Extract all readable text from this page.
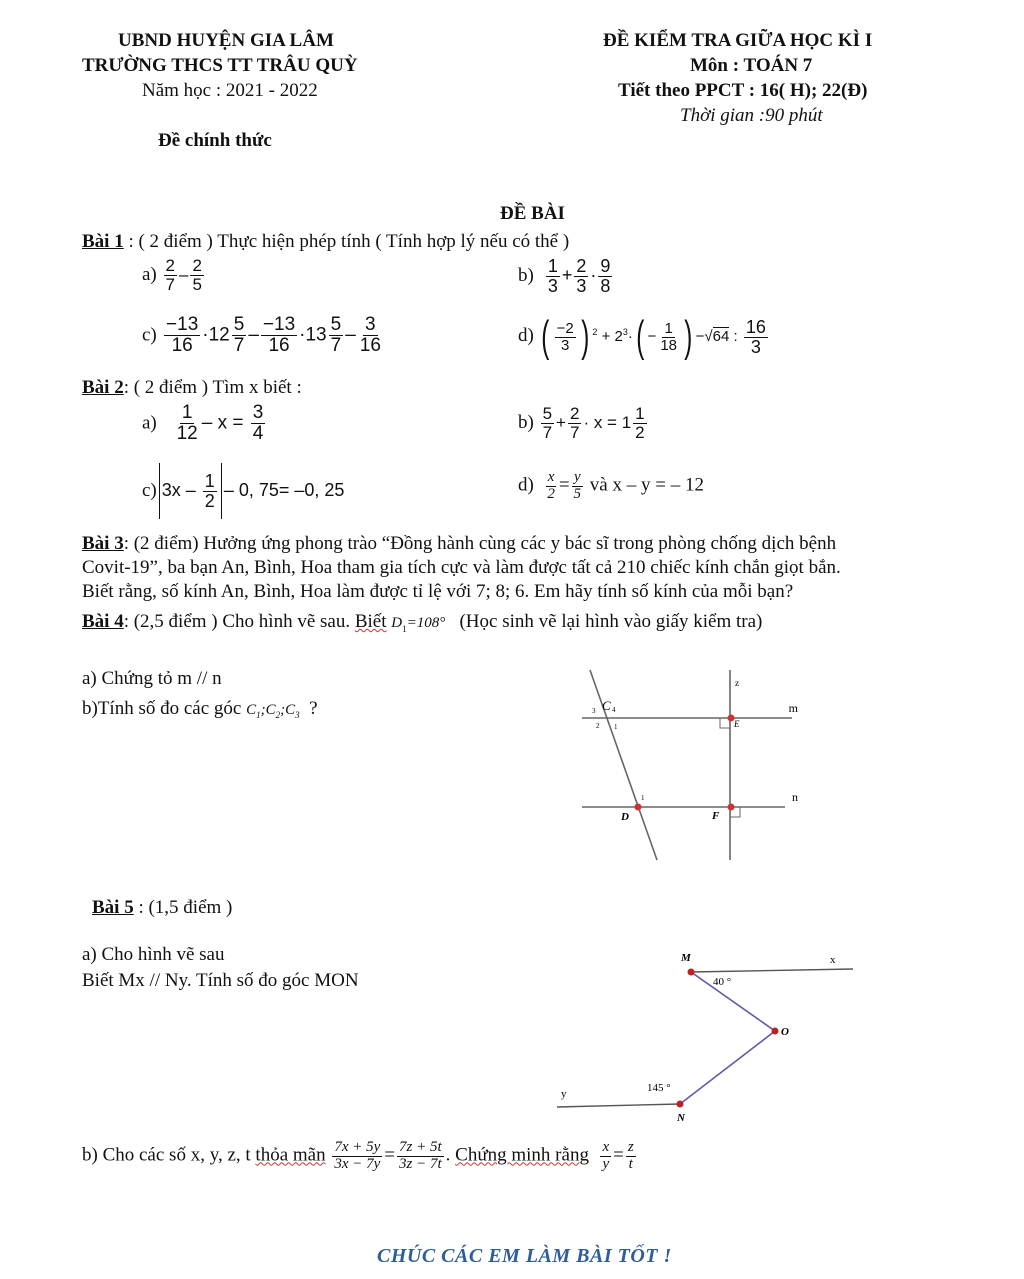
UBND HUYỆN GIA LÂM
TRƯỜNG THCS TT TRÂU QUỲ
Năm học : 2021 - 2022
Đề chính thức
ĐỀ KIỂM TRA GIỮA HỌC KÌ I
Môn : TOÁN 7
Tiết theo PPCT : 16( H); 22(Đ)
Thời gian :90 phút
ĐỀ BÀI
Bài 1 : ( 2 điểm ) Thực hiện phép tính ( Tính hợp lý nếu có thể )
$a) \frac{2}{7} - \frac{2}{5}$	$b) \frac{1}{3} + \frac{2}{3} \cdot \frac{9}{8}$
$c) \frac{-13}{16} \cdot 12 \frac{5}{7} - \frac{-13}{16} \cdot 13 \frac{5}{7} - \frac{3}{16}$	d) ( $\frac{-2}{3}$ ) $^2 + 2^3\cdot( - \frac{1}{18}$ ) −√64 : $\frac{16}{3}$
Bài 2: ( 2 điểm ) Tìm x biết :
$a) \frac{1}{12} - x = \frac{3}{4}$	$b) \frac{5}{7} + \frac{2}{7} \cdot x = 1 \frac{1}{2}$
c) $3x - \frac{1}{2} - 0$, 75= –0, 25	$d) \frac{x}{2} = \frac{y}{5}$ và x – y = – 12
Bài 3: (2 điểm) Hưởng ứng phong trào “Đồng hành cùng các y bác sĩ trong phòng chống dịch bệnh
Covit-19”, ba bạn An, Bình, Hoa tham gia tích cực và làm được tất cả 210 chiếc kính chắn giọt bắn.
Biết rằng, số kính An, Bình, Hoa làm được tỉ lệ với 7; 8; 6. Em hãy tính số kính của mỗi bạn?
Bài 4: (2,5 điểm ) Cho hình vẽ sau. Biết $D_1=108^\circ$ (Học sinh vẽ lại hình vào giấy kiểm tra)
a) Chứng tỏ m // n
b)Tính số đo các góc $C_1;C_2;C_3$ ?	m
n
z
C 4
3
2 1	E
D
1
F
Bài 5 : (1,5 điểm )
a) Cho hình vẽ sau
Biết Mx // Ny. Tính số đo góc MON
M	x
O
N
y
40 °
145 °
b) Cho các số x, y, z, t thỏa mãn $\frac{7x + 5y}{3x - 7y} = \frac{7z + 5t}{3z - 7t}$ . Chứng minh rằng $\frac{x}{y} = \frac{z}{t}$
CHÚC CÁC EM LÀM BÀI TỐT !
